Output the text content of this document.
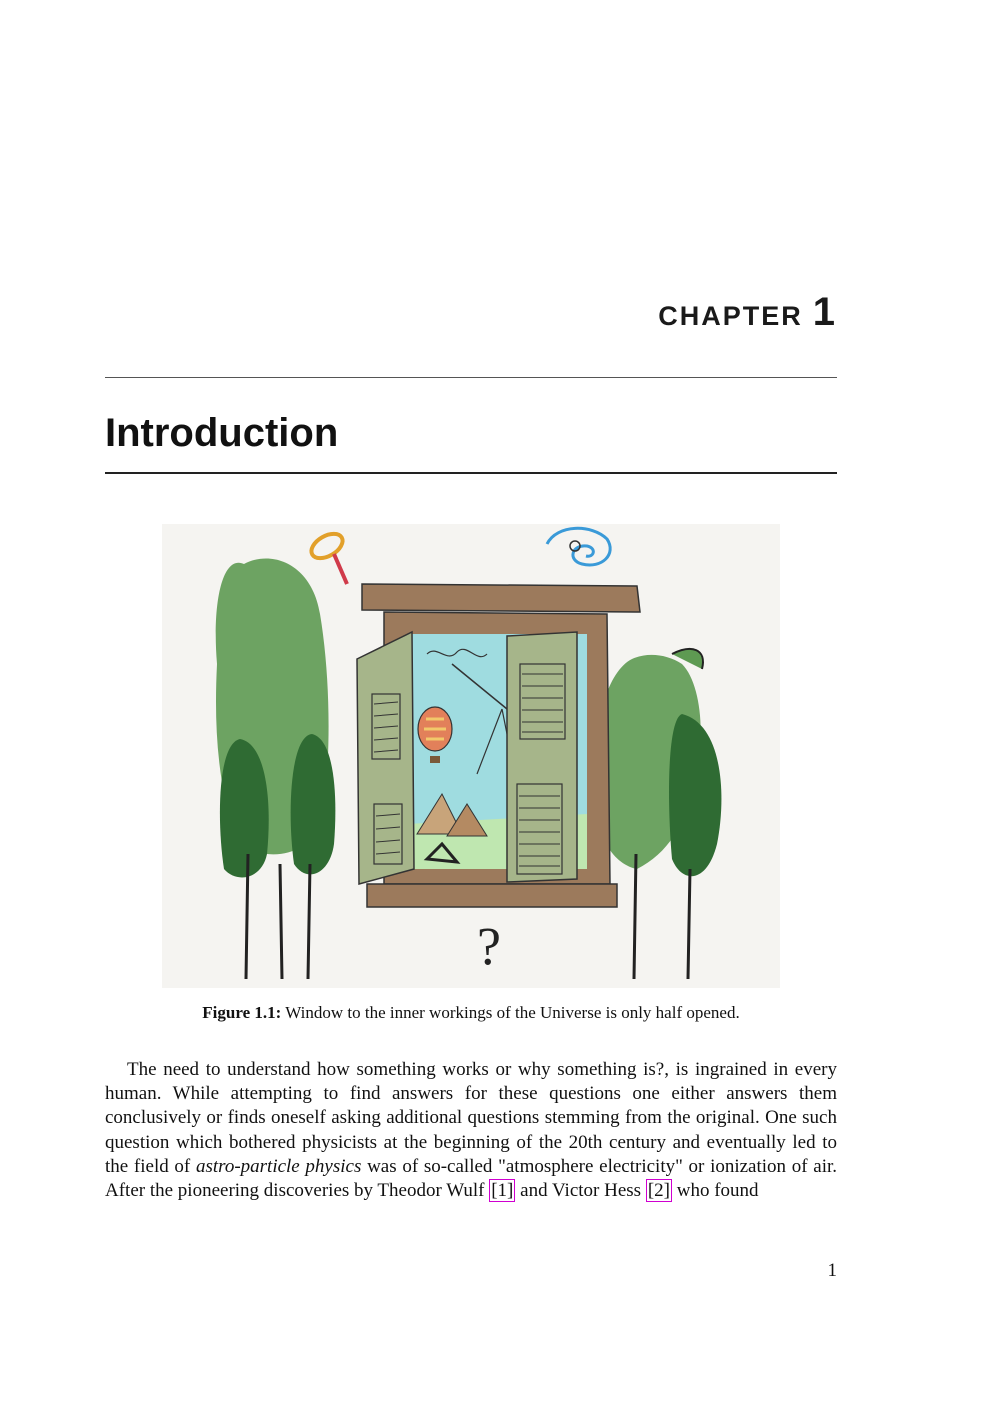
CHAPTER 1
Introduction
?
Figure 1.1: Window to the inner workings of the Universe is only half opened.

The need to understand how something works or why something is?, is ingrained in every human. While attempting to find answers for these questions one either answers them conclusively or finds oneself asking additional questions stemming from the original. One such question which bothered physicists at the beginning of the 20th century and eventually led to the field of astro-particle physics was of so-called "atmosphere electricity" or ionization of air. After the pioneering discoveries by Theodor Wulf [1] and Victor Hess [2] who found

1
